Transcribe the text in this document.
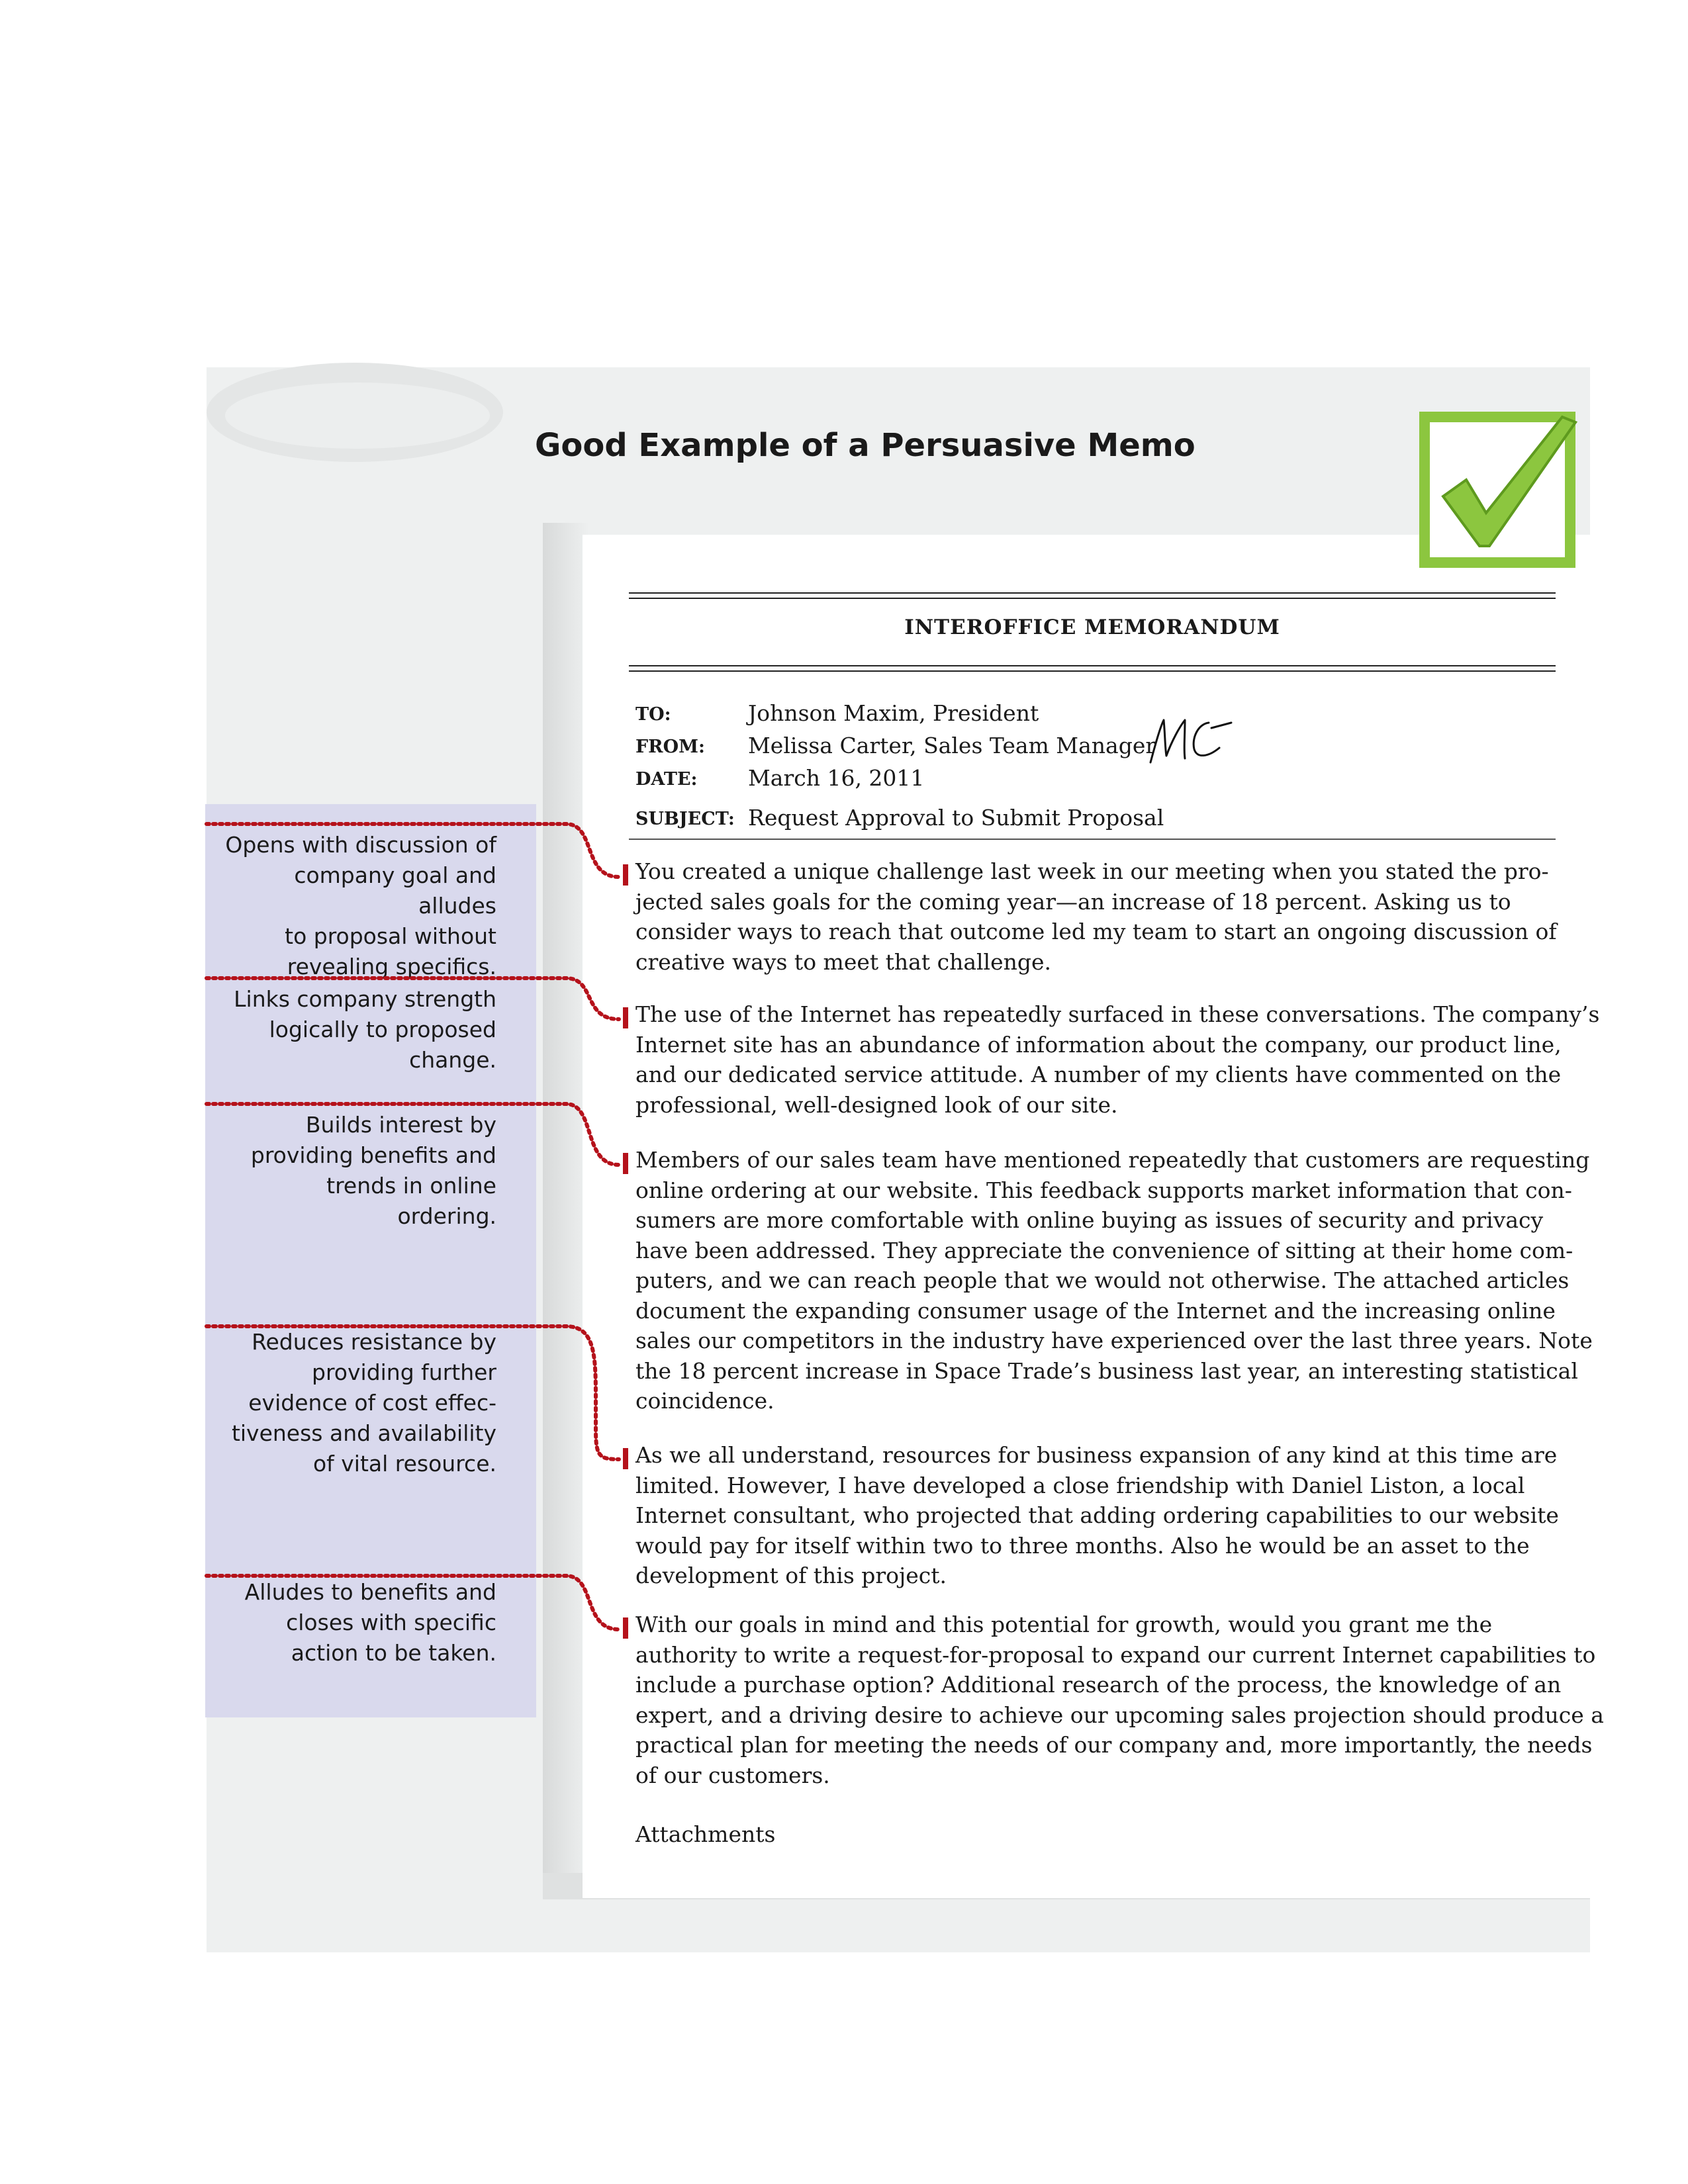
Good Example of a Persuasive Memo
Opens with discussion of
company goal and alludes
to proposal without
revealing specifics.
Links company strength
logically to proposed
change.
Builds interest by
providing benefits and
trends in online
ordering.
Reduces resistance by
providing further
evidence of cost effec-
tiveness and availability
of vital resource.
Alludes to benefits and
closes with specific
action to be taken.
INTEROFFICE MEMORANDUM
TO:	Johnson Maxim, President
FROM: Melissa Carter, Sales Team Manager
DATE: March 16, 2011
SUBJECT: Request Approval to Submit Proposal
You created a unique challenge last week in our meeting when you stated the pro-
jected sales goals for the coming year—an increase of 18 percent. Asking us to
consider ways to reach that outcome led my team to start an ongoing discussion of
creative ways to meet that challenge.
The use of the Internet has repeatedly surfaced in these conversations. The company’s
Internet site has an abundance of information about the company, our product line,
and our dedicated service attitude. A number of my clients have commented on the
professional, well-designed look of our site.
Members of our sales team have mentioned repeatedly that customers are requesting
online ordering at our website. This feedback supports market information that con-
sumers are more comfortable with online buying as issues of security and privacy
have been addressed. They appreciate the convenience of sitting at their home com-
puters, and we can reach people that we would not otherwise. The attached articles
document the expanding consumer usage of the Internet and the increasing online
sales our competitors in the industry have experienced over the last three years. Note
the 18 percent increase in Space Trade’s business last year, an interesting statistical
coincidence.
As we all understand, resources for business expansion of any kind at this time are
limited. However, I have developed a close friendship with Daniel Liston, a local
Internet consultant, who projected that adding ordering capabilities to our website
would pay for itself within two to three months. Also he would be an asset to the
development of this project.
With our goals in mind and this potential for growth, would you grant me the
authority to write a request-for-proposal to expand our current Internet capabilities to
include a purchase option? Additional research of the process, the knowledge of an
expert, and a driving desire to achieve our upcoming sales projection should produce a
practical plan for meeting the needs of our company and, more importantly, the needs
of our customers.
Attachments
